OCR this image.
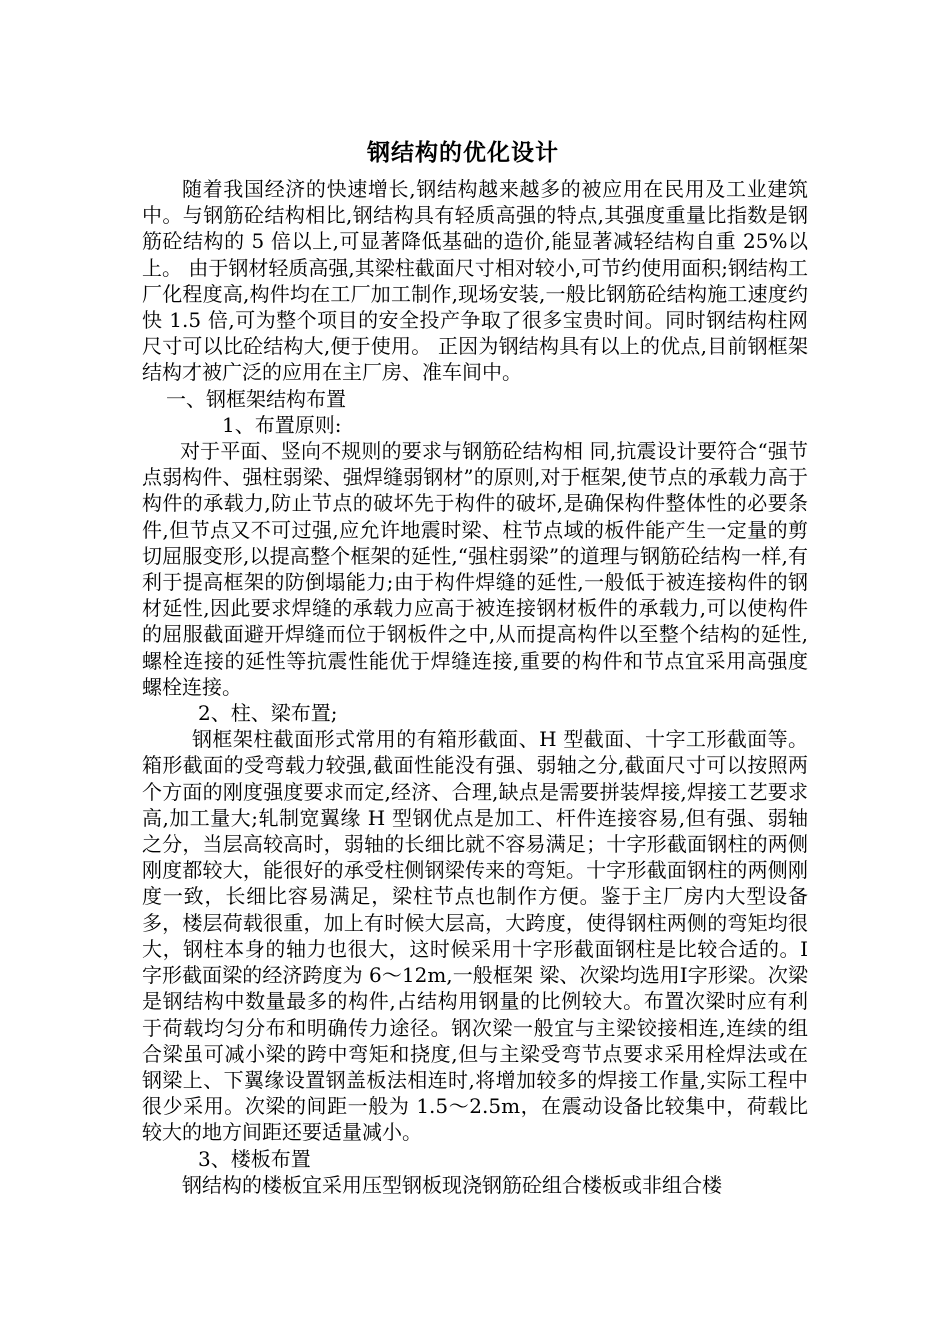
钢结构的优化设计

随着我国经济的快速增长,钢结构越来越多的被应用在民用及工业建筑中。与钢筋砼结构相比,钢结构具有轻质高强的特点,其强度重量比指数是钢筋砼结构的 5 倍以上,可显著降低基础的造价,能显著减轻结构自重 25%以上。 由于钢材轻质高强,其梁柱截面尺寸相对较小,可节约使用面积;钢结构工厂化程度高,构件均在工厂加工制作,现场安装,一般比钢筋砼结构施工速度约快 1.5 倍,可为整个项目的安全投产争取了很多宝贵时间。同时钢结构柱网尺寸可以比砼结构大,便于使用。 正因为钢结构具有以上的优点,目前钢框架结构才被广泛的应用在主厂房、准车间中。

一、钢框架结构布置

1、布置原则:

对于平面、竖向不规则的要求与钢筋砼结构相 同,抗震设计要符合“强节点弱构件、强柱弱梁、强焊缝弱钢材”的原则,对于框架,使节点的承载力高于构件的承载力,防止节点的破坏先于构件的破坏,是确保构件整体性的必要条件,但节点又不可过强,应允许地震时梁、柱节点域的板件能产生一定量的剪切屈服变形,以提高整个框架的延性,“强柱弱梁”的道理与钢筋砼结构一样,有利于提高框架的防倒塌能力;由于构件焊缝的延性,一般低于被连接构件的钢材延性,因此要求焊缝的承载力应高于被连接钢材板件的承载力,可以使构件的屈服截面避开焊缝而位于钢板件之中,从而提高构件以至整个结构的延性,螺栓连接的延性等抗震性能优于焊缝连接,重要的构件和节点宜采用高强度螺栓连接。

2、柱、梁布置;

钢框架柱截面形式常用的有箱形截面、H 型截面、十字工形截面等。箱形截面的受弯载力较强,截面性能没有强、弱轴之分,截面尺寸可以按照两个方面的刚度强度要求而定,经济、合理,缺点是需要拼装焊接,焊接工艺要求高,加工量大;轧制宽翼缘 H 型钢优点是加工、杆件连接容易,但有强、弱轴之分，当层高较高时，弱轴的长细比就不容易满足；十字形截面钢柱的两侧刚度都较大，能很好的承受柱侧钢梁传来的弯矩。十字形截面钢柱的两侧刚度一致，长细比容易满足，梁柱节点也制作方便。鉴于主厂房内大型设备多，楼层荷载很重，加上有时候大层高，大跨度，使得钢柱两侧的弯矩均很大，钢柱本身的轴力也很大，这时候采用十字形截面钢柱是比较合适的。Ⅰ字形截面梁的经济跨度为 6～12m,一般框架 梁、次梁均选用Ⅰ字形梁。次梁是钢结构中数量最多的构件,占结构用钢量的比例较大。布置次梁时应有利于荷载均匀分布和明确传力途径。钢次梁一般宜与主梁铰接相连,连续的组合梁虽可减小梁的跨中弯矩和挠度,但与主梁受弯节点要求采用栓焊法或在钢梁上、下翼缘设置钢盖板法相连时,将增加较多的焊接工作量,实际工程中很少采用。次梁的间距一般为 1.5～2.5m，在震动设备比较集中，荷载比较大的地方间距还要适量减小。

3、楼板布置

钢结构的楼板宜采用压型钢板现浇钢筋砼组合楼板或非组合楼
